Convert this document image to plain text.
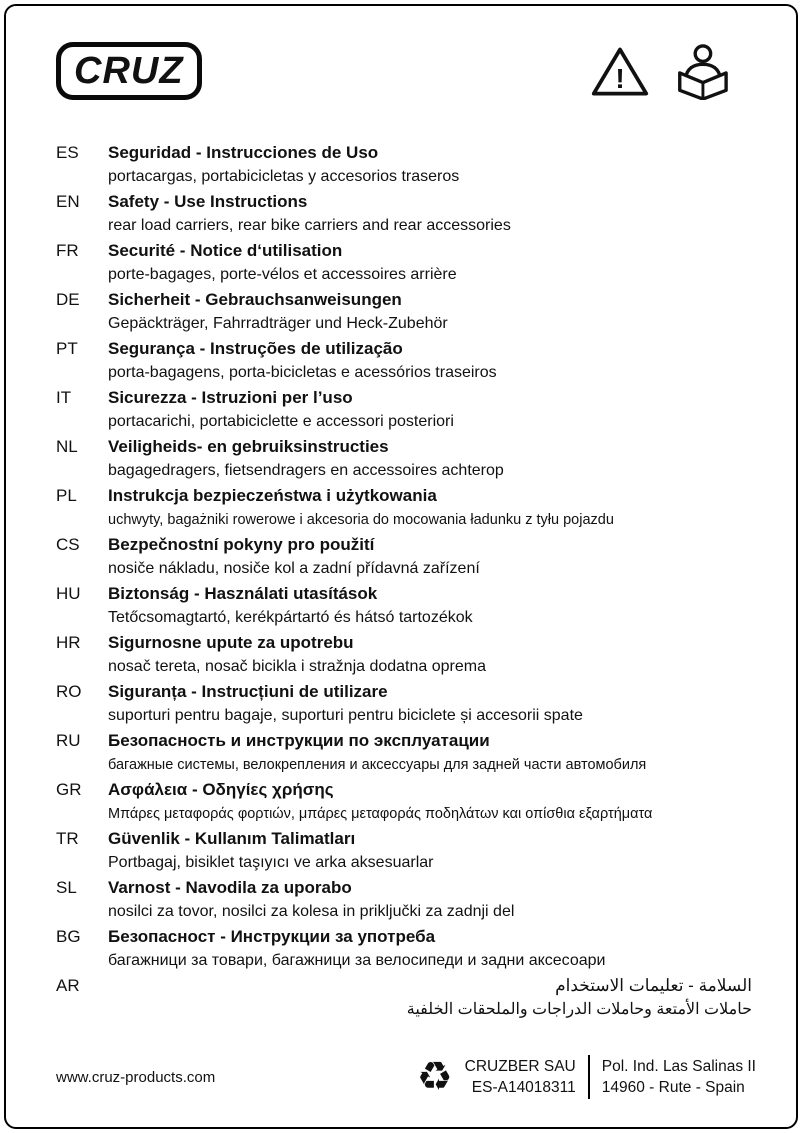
CRUZ	!
ES	Seguridad - Instrucciones de Uso
portacargas, portabicicletas y accesorios traseros
EN	Safety - Use Instructions
rear load carriers, rear bike carriers and rear accessories
FR	Securité - Notice d‘utilisation
porte-bagages, porte-vélos et accessoires arrière
DE	Sicherheit - Gebrauchsanweisungen
Gepäckträger, Fahrradträger und Heck-Zubehör
PT	Segurança - Instruções de utilização
porta-bagagens, porta-bicicletas e acessórios traseiros
IT	Sicurezza - Istruzioni per l’uso
portacarichi, portabiciclette e accessori posteriori
NL	Veiligheids- en gebruiksinstructies
bagagedragers, fietsendragers en accessoires achterop
PL	Instrukcja bezpieczeństwa i użytkowania
uchwyty, bagażniki rowerowe i akcesoria do mocowania ładunku z tyłu pojazdu
CS	Bezpečnostní pokyny pro použití
nosiče nákladu, nosiče kol a zadní přídavná zařízení
HU	Biztonság - Használati utasítások
Tetőcsomagtartó, kerékpártartó és hátsó tartozékok
HR	Sigurnosne upute za upotrebu
nosač tereta, nosač bicikla i stražnja dodatna oprema
RO	Siguranța - Instrucțiuni de utilizare
suporturi pentru bagaje, suporturi pentru biciclete și accesorii spate
RU	Безопасность и инструкции по эксплуатации
багажные системы, велокрепления и аксессуары для задней части автомобиля
GR	Ασφάλεια - Οδηγίες χρήσης
Μπάρες μεταφοράς φορτιών, μπάρες μεταφοράς ποδηλάτων και οπίσθια εξαρτήματα
TR	Güvenlik - Kullanım Talimatları
Portbagaj, bisiklet taşıyıcı ve arka aksesuarlar
SL	Varnost - Navodila za uporabo
nosilci za tovor, nosilci za kolesa in priključki za zadnji del
BG	Безопасност - Инструкции за употреба
багажници за товари, багажници за велосипеди и задни аксесоари
AR	السلامة - تعليمات الاستخدام
حاملات الأمتعة وحاملات الدراجات والملحقات الخلفية
www.cruz-products.com	♻ CRUZBER SAU
ES-A14018311
Pol. Ind. Las Salinas II
14960 - Rute - Spain
